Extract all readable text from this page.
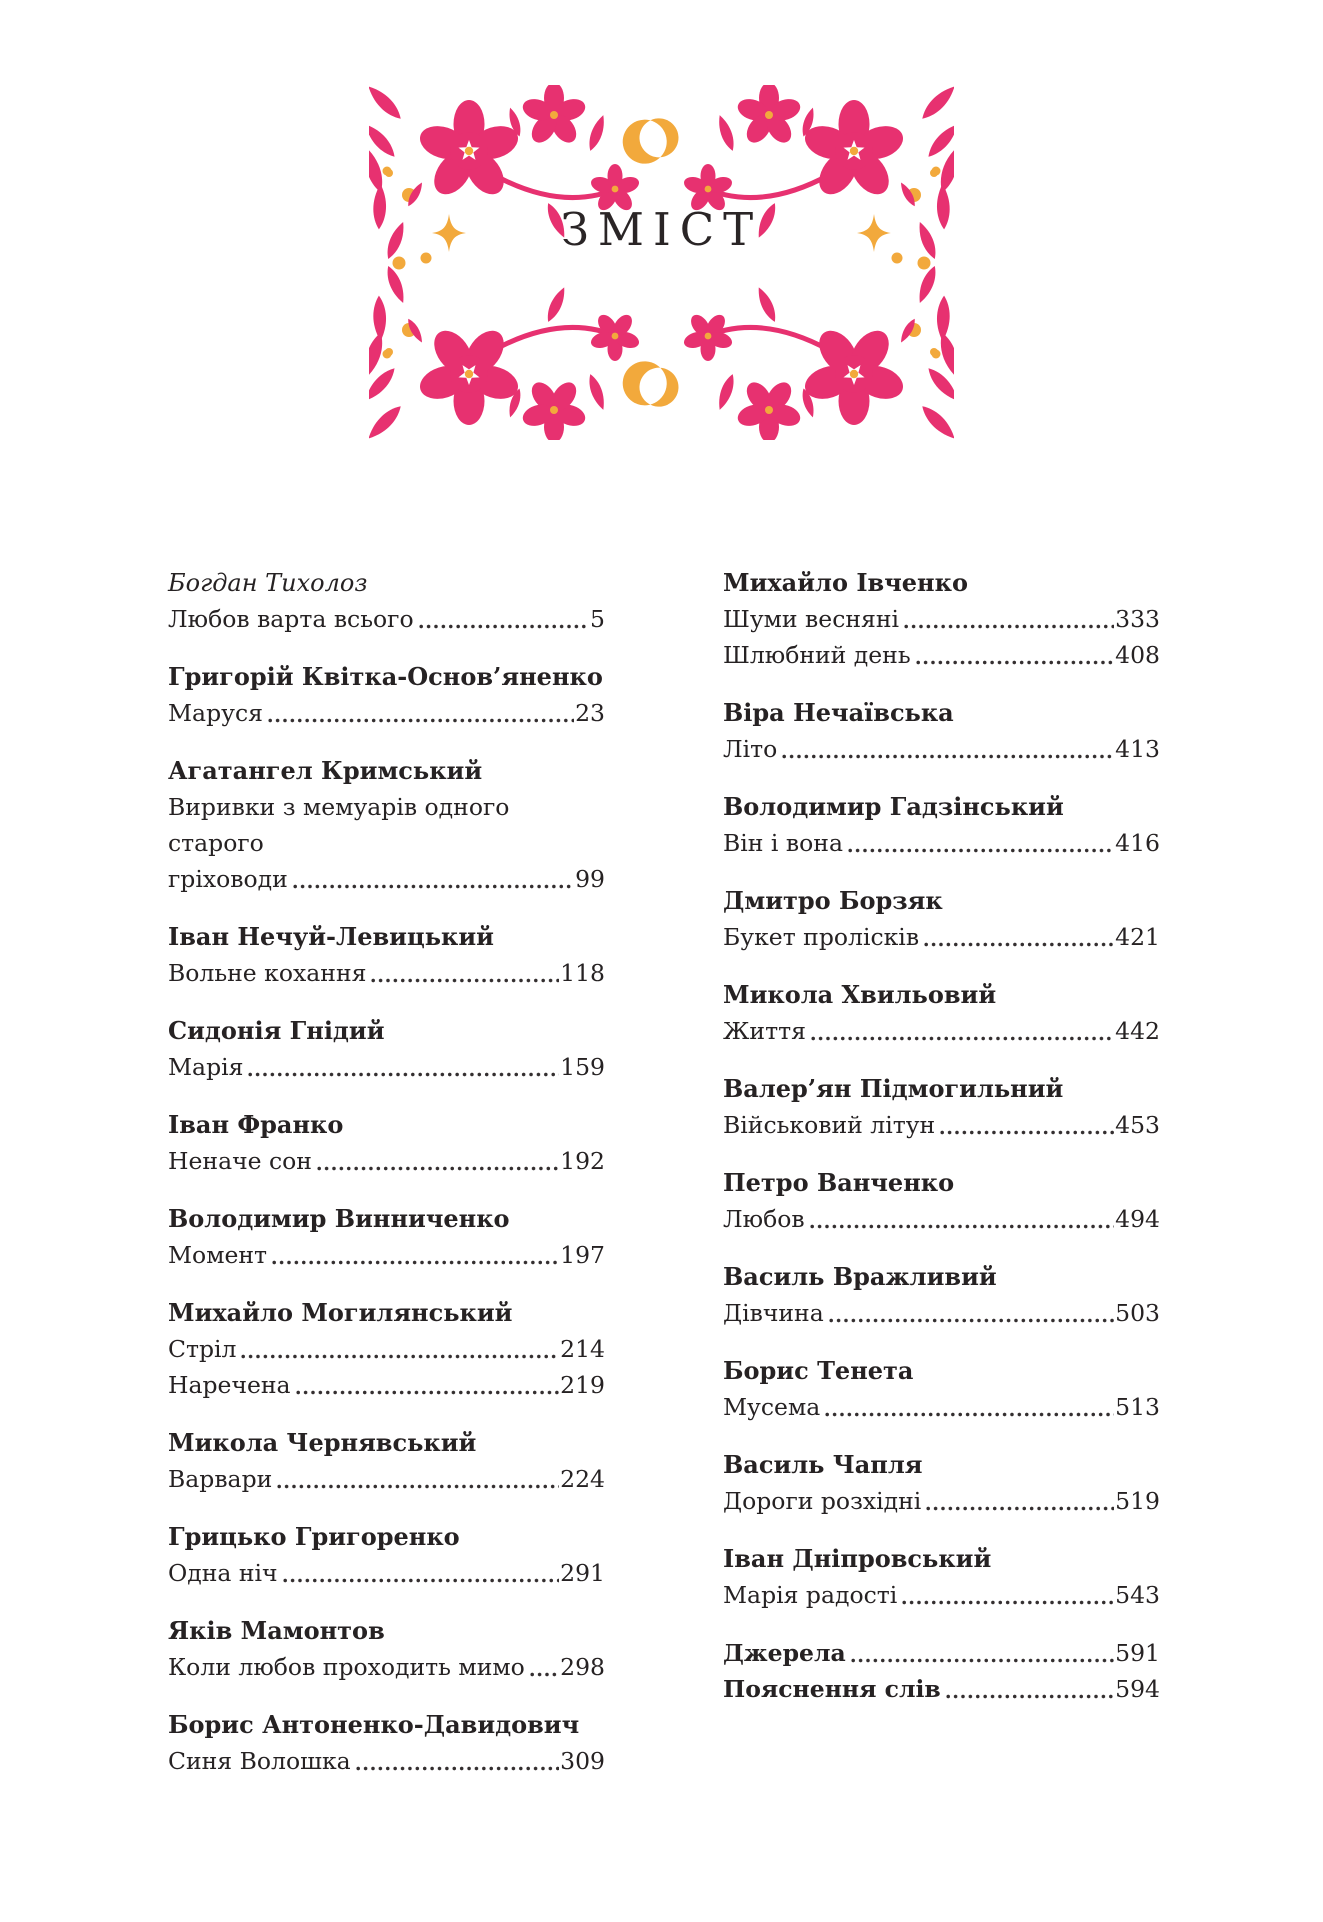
ЗМІСТ
Богдан Тихолоз
Любов варта всього	5
Григорій Квітка-Основ’яненко
Маруся	23
Агатангел Кримський
Виривки з мемуарів одного старого
гріховоди	99
Іван Нечуй-Левицький
Вольне кохання	118
Сидонія Гнідий
Марія	159
Іван Франко
Неначе сон	192
Володимир Винниченко
Момент	197
Михайло Могилянський
Стріл	214
Наречена	219
Микола Чернявський
Варвари	224
Грицько Григоренко
Одна ніч	291
Яків Мамонтов
Коли любов проходить мимо 298
Борис Антоненко-Давидович
Синя Волошка	309
Михайло Івченко
Шуми весняні	333
Шлюбний день	408
Віра Нечаївська
Літо	413
Володимир Гадзінський
Він і вона	416
Дмитро Борзяк
Букет пролісків	421
Микола Хвильовий
Життя	442
Валер’ян Підмогильний
Військовий літун	453
Петро Ванченко
Любов	494
Василь Вражливий
Дівчина	503
Борис Тенета
Мусема	513
Василь Чапля
Дороги розхідні	519
Іван Дніпровський
Марія радості	543
Джерела	591
Пояснення слів	594
